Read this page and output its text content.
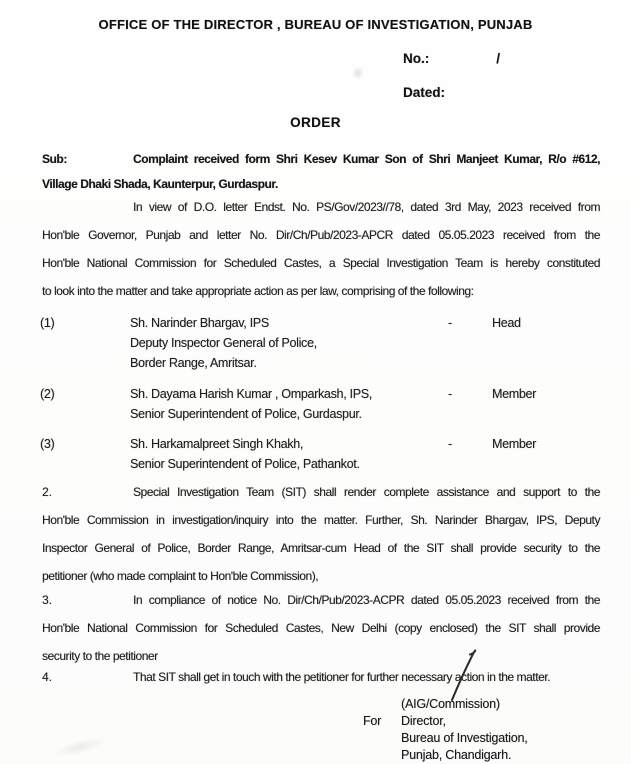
OFFICE OF THE DIRECTOR , BUREAU OF INVESTIGATION, PUNJAB
No.:	/
Dated:
ORDER
Sub:	Complaint received form Shri Kesev Kumar Son of Shri Manjeet Kumar, R/o #612,
Village Dhaki Shada, Kaunterpur, Gurdaspur.
In view of D.O. letter Endst. No. PS/Gov/2023//78, dated 3rd May, 2023 received from
Hon'ble Governor, Punjab and letter No. Dir/Ch/Pub/2023-APCR dated 05.05.2023 received from the
Hon'ble National Commission for Scheduled Castes, a Special Investigation Team is hereby constituted
to look into the matter and take appropriate action as per law, comprising of the following:
(1)	Sh. Narinder Bhargav, IPS
Deputy Inspector General of Police,
Border Range, Amritsar.
-	Head
(2)	Sh. Dayama Harish Kumar , Omparkash, IPS,
Senior Superintendent of Police, Gurdaspur.
-	Member
(3)	Sh. Harkamalpreet Singh Khakh,
Senior Superintendent of Police, Pathankot.
-	Member
2.	Special Investigation Team (SIT) shall render complete assistance and support to the
Hon'ble Commission in investigation/inquiry into the matter. Further, Sh. Narinder Bhargav, IPS, Deputy
Inspector General of Police, Border Range, Amritsar-cum Head of the SIT shall provide security to the
petitioner (who made complaint to Hon'ble Commission),
3.	In compliance of notice No. Dir/Ch/Pub/2023-ACPR dated 05.05.2023 received from the
Hon'ble National Commission for Scheduled Castes, New Delhi (copy enclosed) the SIT shall provide
security to the petitioner
4.	That SIT shall get in touch with the petitioner for further necessary action in the matter.
(AIG/Commission)
For Director,
Bureau of Investigation,
Punjab, Chandigarh.
